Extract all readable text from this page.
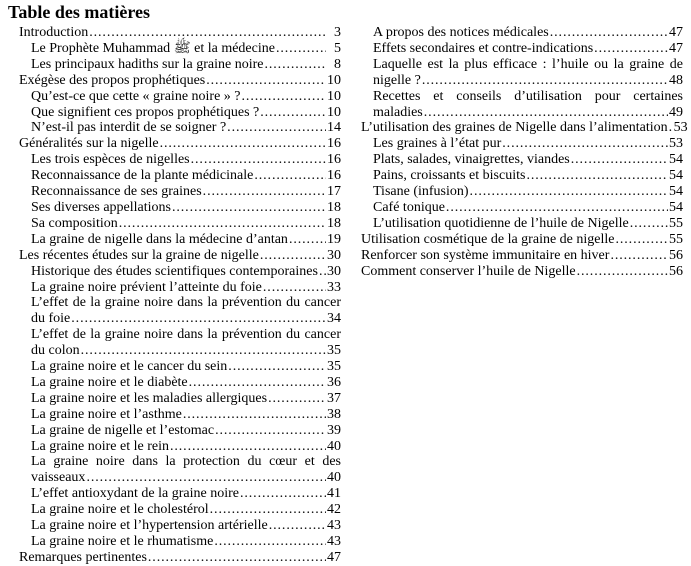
Table des matières
Introduction .....	3
Le Prophète Muhammad ﷺ et la médecine .....	5
Les principaux hadiths sur la graine noire .....	8
Exégèse des propos prophétiques .....	10
Qu’est-ce que cette « graine noire » ? .....	10
Que signifient ces propos prophétiques ? .....	10
N’est-il pas interdit de se soigner ? .....	14
Généralités sur la nigelle .....	16
Les trois espèces de nigelles .....	16
Reconnaissance de la plante médicinale .....	16
Reconnaissance de ses graines .....	17
Ses diverses appellations .....	18
Sa composition .....	18
La graine de nigelle dans la médecine d’antan .....	19
Les récentes études sur la graine de nigelle .....	30
Historique des études scientifiques contemporaines ..... 30
La graine noire prévient l’atteinte du foie .....	33
L’effet de la graine noire dans la prévention du cancer
du foie .....	34
L’effet de la graine noire dans la prévention du cancer
du colon .....	35
La graine noire et le cancer du sein .....	35
La graine noire et le diabète .....	36
La graine noire et les maladies allergiques .....	37
La graine noire et l’asthme .....	38
La graine de nigelle et l’estomac .....	39
La graine noire et le rein .....	40
La graine noire dans la protection du cœur et des
vaisseaux .....	40
L’effet antioxydant de la graine noire .....	41
La graine noire et le cholestérol .....	42
La graine noire et l’hypertension artérielle .....	43
La graine noire et le rhumatisme .....	43
Remarques pertinentes .....	47
A propos des notices médicales .....	47
Effets secondaires et contre-indications .....	47
Laquelle est la plus efficace : l’huile ou la graine de
nigelle ? .....	48
Recettes et conseils d’utilisation pour certaines
maladies .....	49
L’utilisation des graines de Nigelle dans l’alimentation ..... 53
Les graines à l’état pur .....	53
Plats, salades, vinaigrettes, viandes .....	54
Pains, croissants et biscuits .....	54
Tisane (infusion) .....	54
Café tonique .....	54
L’utilisation quotidienne de l’huile de Nigelle .....	55
Utilisation cosmétique de la graine de nigelle .....	55
Renforcer son système immunitaire en hiver .....	56
Comment conserver l’huile de Nigelle .....	56
